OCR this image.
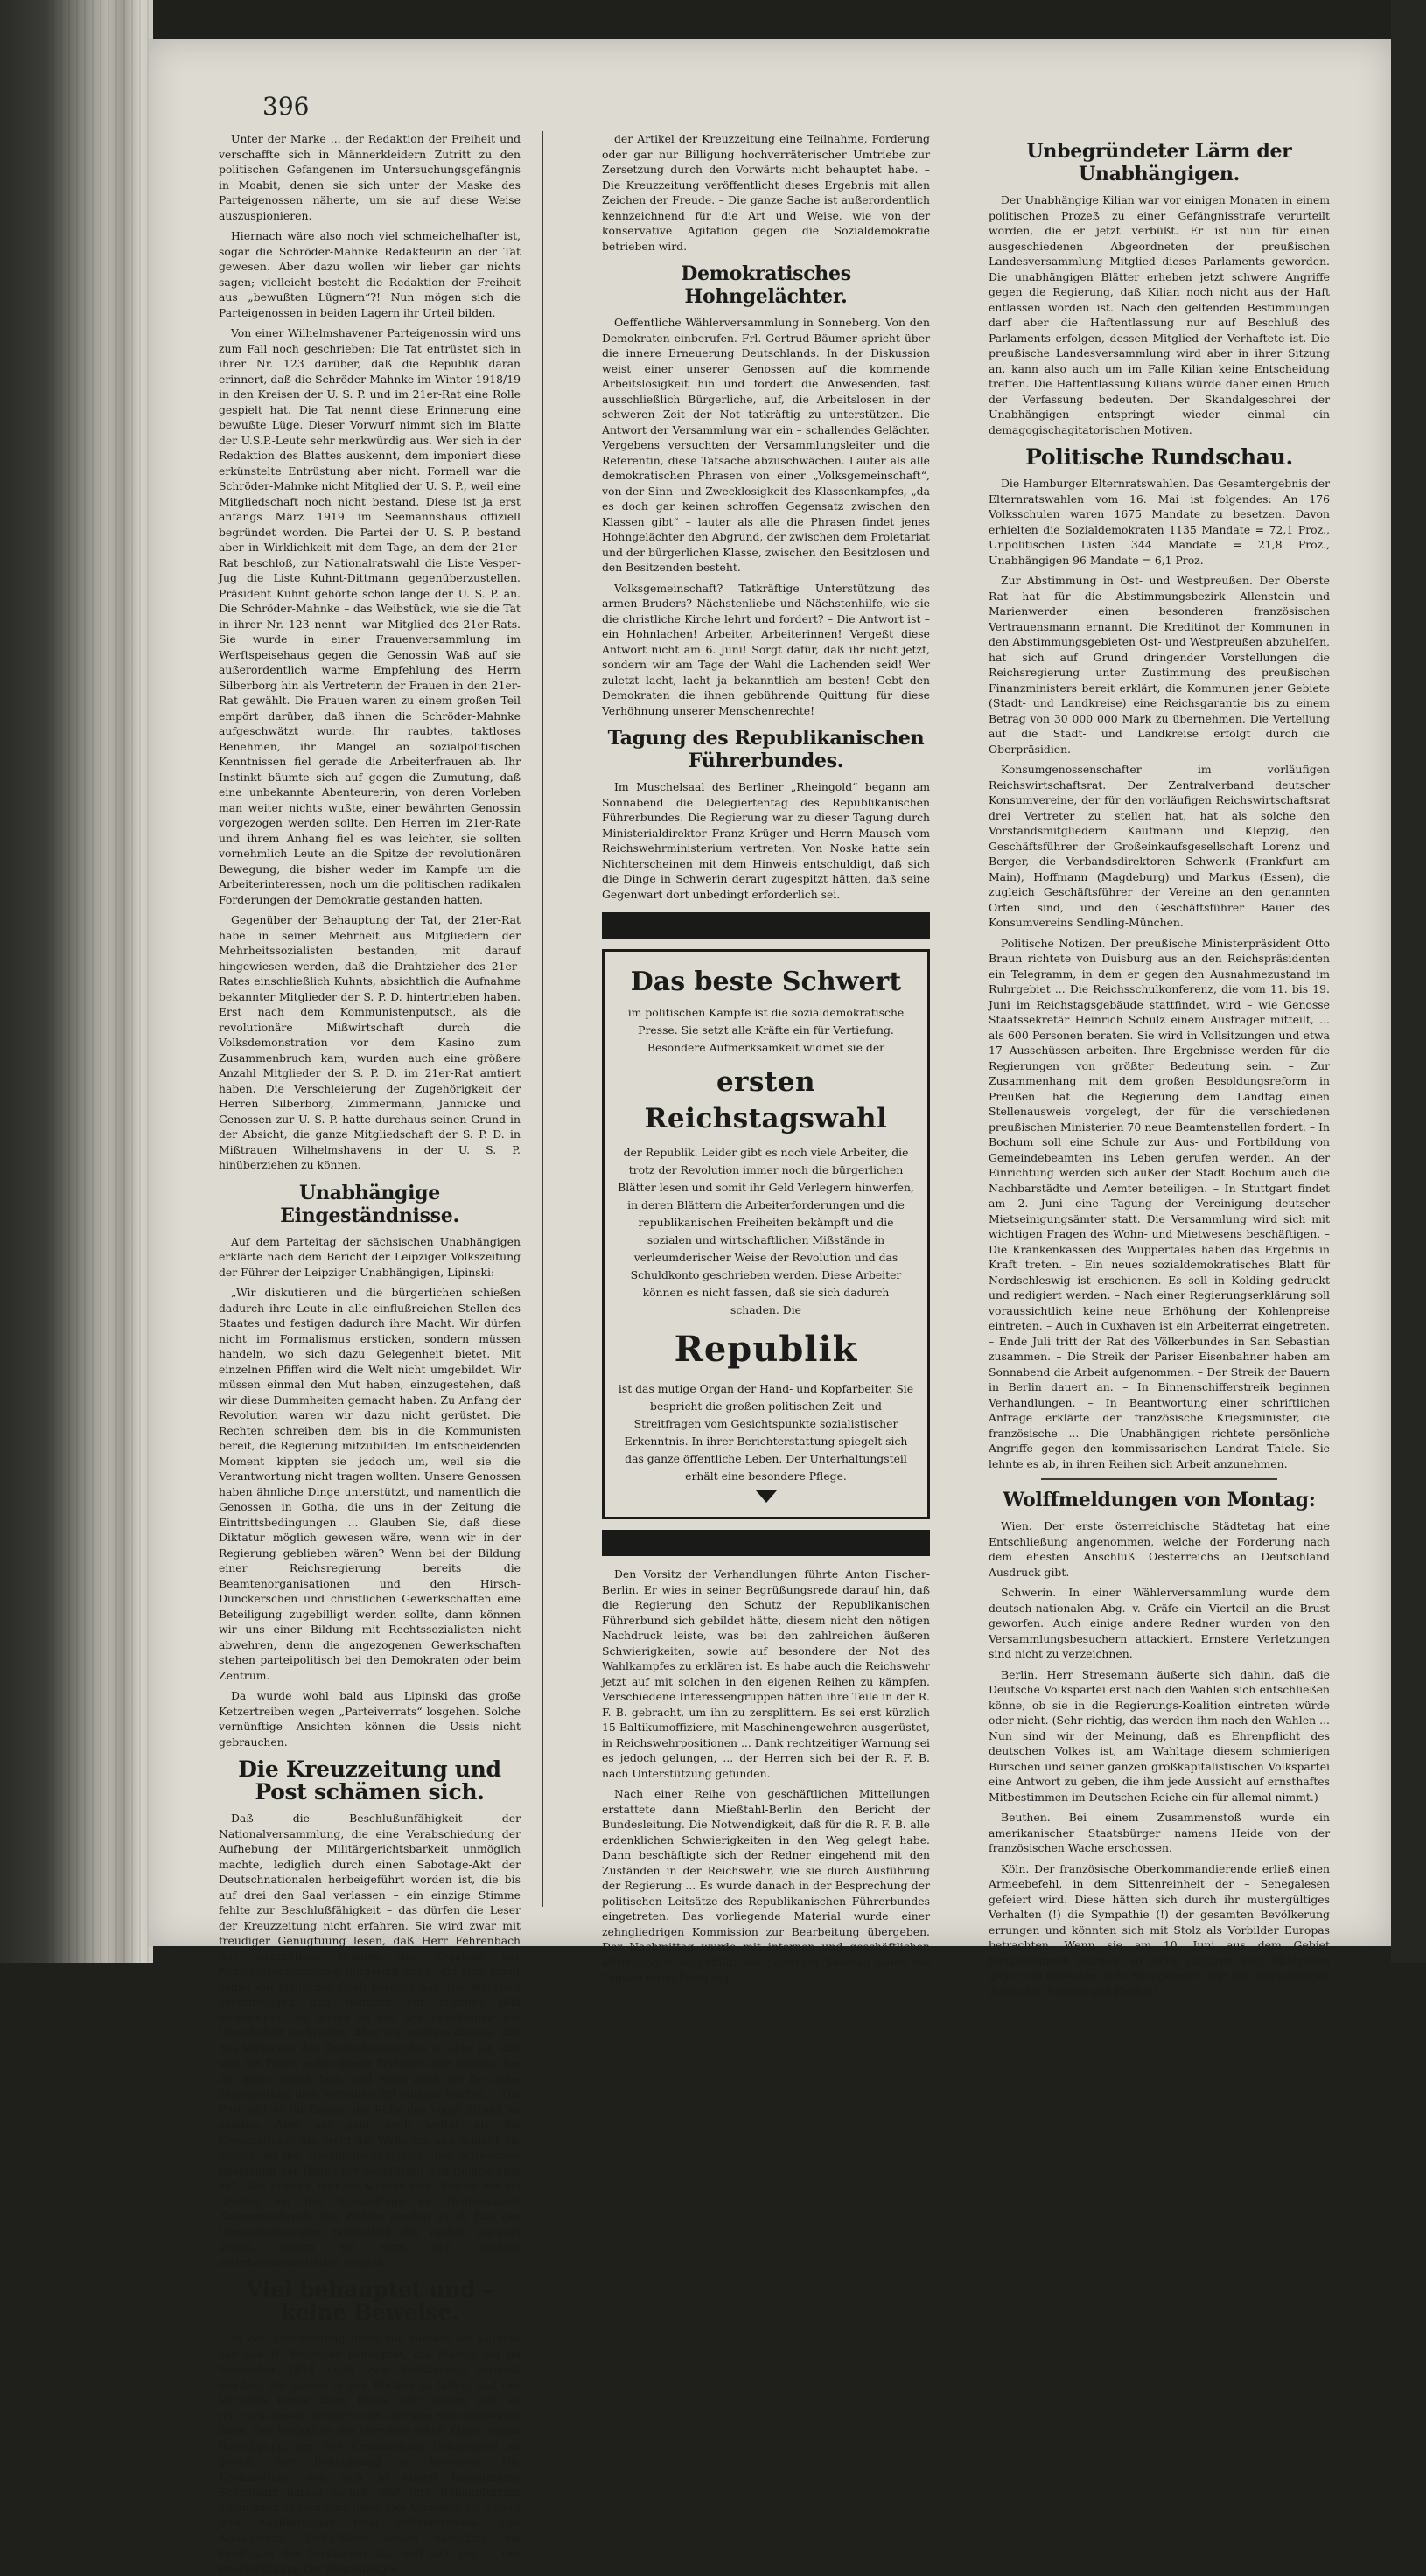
396

Unter der Marke ... der Redaktion der Freiheit und verschaffte sich in Männerkleidern Zutritt zu den politischen Gefangenen im Untersuchungsgefängnis in Moabit, denen sie sich unter der Maske des Parteigenossen näherte, um sie auf diese Weise auszuspionieren.

Hiernach wäre also noch viel schmeichelhafter ist, sogar die Schröder-Mahnke Redakteurin an der Tat gewesen. Aber dazu wollen wir lieber gar nichts sagen; vielleicht besteht die Redaktion der Freiheit aus „bewußten Lügnern“?! Nun mögen sich die Parteigenossen in beiden Lagern ihr Urteil bilden.

Von einer Wilhelmshavener Parteigenossin wird uns zum Fall noch geschrieben: Die Tat entrüstet sich in ihrer Nr. 123 darüber, daß die Republik daran erinnert, daß die Schröder-Mahnke im Winter 1918/19 in den Kreisen der U. S. P. und im 21er-Rat eine Rolle gespielt hat. Die Tat nennt diese Erinnerung eine bewußte Lüge. Dieser Vorwurf nimmt sich im Blatte der U.S.P.-Leute sehr merkwürdig aus. Wer sich in der Redaktion des Blattes auskennt, dem imponiert diese erkünstelte Entrüstung aber nicht. Formell war die Schröder-Mahnke nicht Mitglied der U. S. P., weil eine Mitgliedschaft noch nicht bestand. Diese ist ja erst anfangs März 1919 im Seemannshaus offiziell begründet worden. Die Partei der U. S. P. bestand aber in Wirklichkeit mit dem Tage, an dem der 21er-Rat beschloß, zur Nationalratswahl die Liste Vesper-Jug die Liste Kuhnt-Dittmann gegenüberzustellen. Präsident Kuhnt gehörte schon lange der U. S. P. an. Die Schröder-Mahnke – das Weibstück, wie sie die Tat in ihrer Nr. 123 nennt – war Mitglied des 21er-Rats. Sie wurde in einer Frauenversammlung im Werftspeisehaus gegen die Genossin Waß auf sie außerordentlich warme Empfehlung des Herrn Silberborg hin als Vertreterin der Frauen in den 21er-Rat gewählt. Die Frauen waren zu einem großen Teil empört darüber, daß ihnen die Schröder-Mahnke aufgeschwätzt wurde. Ihr raubtes, taktloses Benehmen, ihr Mangel an sozialpolitischen Kenntnissen fiel gerade die Arbeiterfrauen ab. Ihr Instinkt bäumte sich auf gegen die Zumutung, daß eine unbekannte Abenteurerin, von deren Vorleben man weiter nichts wußte, einer bewährten Genossin vorgezogen werden sollte. Den Herren im 21er-Rate und ihrem Anhang fiel es was leichter, sie sollten vornehmlich Leute an die Spitze der revolutionären Bewegung, die bisher weder im Kampfe um die Arbeiterinteressen, noch um die politischen radikalen Forderungen der Demokratie gestanden hatten.

Gegenüber der Behauptung der Tat, der 21er-Rat habe in seiner Mehrheit aus Mitgliedern der Mehrheitssozialisten bestanden, mit darauf hingewiesen werden, daß die Drahtzieher des 21er-Rates einschließlich Kuhnts, absichtlich die Aufnahme bekannter Mitglieder der S. P. D. hintertrieben haben. Erst nach dem Kommunistenputsch, als die revolutionäre Mißwirtschaft durch die Volksdemonstration vor dem Kasino zum Zusammenbruch kam, wurden auch eine größere Anzahl Mitglieder der S. P. D. im 21er-Rat amtiert haben. Die Verschleierung der Zugehörigkeit der Herren Silberborg, Zimmermann, Jannicke und Genossen zur U. S. P. hatte durchaus seinen Grund in der Absicht, die ganze Mitgliedschaft der S. P. D. in Mißtrauen Wilhelmshavens in der U. S. P. hinüberziehen zu können.

Unabhängige Eingeständnisse.

Auf dem Parteitag der sächsischen Unabhängigen erklärte nach dem Bericht der Leipziger Volkszeitung der Führer der Leipziger Unabhängigen, Lipinski:

„Wir diskutieren und die bürgerlichen schießen dadurch ihre Leute in alle einflußreichen Stellen des Staates und festigen dadurch ihre Macht. Wir dürfen nicht im Formalismus ersticken, sondern müssen handeln, wo sich dazu Gelegenheit bietet. Mit einzelnen Pfiffen wird die Welt nicht umgebildet. Wir müssen einmal den Mut haben, einzugestehen, daß wir diese Dummheiten gemacht haben. Zu Anfang der Revolution waren wir dazu nicht gerüstet. Die Rechten schreiben dem bis in die Kommunisten bereit, die Regierung mitzubilden. Im entscheidenden Moment kippten sie jedoch um, weil sie die Verantwortung nicht tragen wollten. Unsere Genossen haben ähnliche Dinge unterstützt, und namentlich die Genossen in Gotha, die uns in der Zeitung die Eintrittsbedingungen ... Glauben Sie, daß diese Diktatur möglich gewesen wäre, wenn wir in der Regierung geblieben wären? Wenn bei der Bildung einer Reichsregierung bereits die Beamtenorganisationen und den Hirsch-Dunckerschen und christlichen Gewerkschaften eine Beteiligung zugebilligt werden sollte, dann können wir uns einer Bildung mit Rechtssozialisten nicht abwehren, denn die angezogenen Gewerkschaften stehen parteipolitisch bei den Demokraten oder beim Zentrum.

Da wurde wohl bald aus Lipinski das große Ketzertreiben wegen „Parteiverrats“ losgehen. Solche vernünftige Ansichten können die Ussis nicht gebrauchen.

Die Kreuzzeitung und Post schämen sich.

Daß die Beschlußunfähigkeit der Nationalversammlung, die eine Verabschiedung der Aufhebung der Militärgerichtsbarkeit unmöglich machte, lediglich durch einen Sabotage-Akt der Deutschnationalen herbeigeführt worden ist, die bis auf drei den Saal verlassen – ein einzige Stimme fehlte zur Beschlußfähigkeit – das dürfen die Leser der Kreuzzeitung nicht erfahren. Sie wird zwar mit freudiger Genugtuung lesen, daß Herr Fehrenbach mit wehmütiger Stimme das Ergebnis der Nationalversammlung mitgeteilt habe, die sich damit selbst ein klägliches Grab bereitet hat. Die Wahrheit verschwiegen und dadurch ein falsches Bild hervorrufen, ist genau so viel wie unmittelbar die Unwahrheit verbreiten. Aber wir ersehen daraus, daß das Verhalten der Deutschnationalen so sehr ist, daß sich die Partei selbst dieser Parteifreunde schämt. Sie hat allen Grund dazu, und wenn auch die Deutsche Tageszeitung dem Verhalten mit einigen Worten ... Die Post hält es für fassen, die Rolle des Vogel Strauß zu spielen. Aber sie geht noch weiter als die Kreuzzeitung. Sie dreht die Waffe um und schiebt die Schuld an der Beschlußunfähigkeit „der schwachen Besetzung der Bänke der Sozialisten und Demokraten zu“. Wir erleben hier im Kleinen das Gleiche wie im Großen bei der Schuldfrage an Deutschlands Zusammenbruch. Die Wähler werden am 6. Juni der Deutschnationalen hoffentlich die rechte Antwort geben, indem sie samt und sonders mehrheitssozialistisch wählen.

Viel behauptet und – keine Beweise.

In der Kreuzzeitung hatte vor kurzem ein Kapitän zur See B. Waldeyer behauptet, die Marine sei im November 1918 nicht vom Sozialismus zersetzt worden, der Armee in den Rücken zu fallen, und der Vorwärts kenne diese Dinge sehr genau, weil er politisch diesem lichtscheuen Getriebe nahegestanden habe. Der Redaktion des Vorwärts erhob Klage wegen Beleidigung, um der Kreuzzeitung Gelegenheit zu geben, ihre Behauptung zu beweisen. Die Kreuzzeitung zog sich in einem langatmigen Schriftsatz darauf zurück, daß ihre Behauptungen einen ganz andern Sinn habe. Der Vorwärts hat darauf ihre Ausführungen total mißverstanden. Das Amtsgericht Berlin-Mitte lehnte daraufhin die Eröffnung des Verfahrens ab, weil sich die ... der Beschuldigung der Beschuldigte ...

der Artikel der Kreuzzeitung eine Teilnahme, Forderung oder gar nur Billigung hochverräterischer Umtriebe zur Zersetzung durch den Vorwärts nicht behauptet habe. – Die Kreuzzeitung veröffentlicht dieses Ergebnis mit allen Zeichen der Freude. – Die ganze Sache ist außerordentlich kennzeichnend für die Art und Weise, wie von der konservative Agitation gegen die Sozialdemokratie betrieben wird.

Demokratisches Hohngelächter.

Oeffentliche Wählerversammlung in Sonneberg. Von den Demokraten einberufen. Frl. Gertrud Bäumer spricht über die innere Erneuerung Deutschlands. In der Diskussion weist einer unserer Genossen auf die kommende Arbeitslosigkeit hin und fordert die Anwesenden, fast ausschließlich Bürgerliche, auf, die Arbeitslosen in der schweren Zeit der Not tatkräftig zu unterstützen. Die Antwort der Versammlung war ein – schallendes Gelächter. Vergebens versuchten der Versammlungsleiter und die Referentin, diese Tatsache abzuschwächen. Lauter als alle demokratischen Phrasen von einer „Volksgemeinschaft“, von der Sinn- und Zwecklosigkeit des Klassenkampfes, „da es doch gar keinen schroffen Gegensatz zwischen den Klassen gibt“ – lauter als alle die Phrasen findet jenes Hohngelächter den Abgrund, der zwischen dem Proletariat und der bürgerlichen Klasse, zwischen den Besitzlosen und den Besitzenden besteht.

Volksgemeinschaft? Tatkräftige Unterstützung des armen Bruders? Nächstenliebe und Nächstenhilfe, wie sie die christliche Kirche lehrt und fordert? – Die Antwort ist – ein Hohnlachen! Arbeiter, Arbeiterinnen! Vergeßt diese Antwort nicht am 6. Juni! Sorgt dafür, daß ihr nicht jetzt, sondern wir am Tage der Wahl die Lachenden seid! Wer zuletzt lacht, lacht ja bekanntlich am besten! Gebt den Demokraten die ihnen gebührende Quittung für diese Verhöhnung unserer Menschenrechte!

Tagung des Republikanischen Führerbundes.

Im Muschelsaal des Berliner „Rheingold“ begann am Sonnabend die Delegiertentag des Republikanischen Führerbundes. Die Regierung war zu dieser Tagung durch Ministerialdirektor Franz Krüger und Herrn Mausch vom Reichswehrministerium vertreten. Von Noske hatte sein Nichterscheinen mit dem Hinweis entschuldigt, daß sich die Dinge in Schwerin derart zugespitzt hätten, daß seine Gegenwart dort unbedingt erforderlich sei.

Das beste Schwert
im politischen Kampfe ist die sozialdemokratische Presse. Sie setzt alle Kräfte ein für Vertiefung. Besondere Aufmerksamkeit widmet sie der
ersten Reichstagswahl
der Republik. Leider gibt es noch viele Arbeiter, die trotz der Revolution immer noch die bürgerlichen Blätter lesen und somit ihr Geld Verlegern hinwerfen, in deren Blättern die Arbeiterforderungen und die republikanischen Freiheiten bekämpft und die sozialen und wirtschaftlichen Mißstände in verleumderischer Weise der Revolution und das Schuldkonto geschrieben werden. Diese Arbeiter können es nicht fassen, daß sie sich dadurch schaden. Die
Republik
ist das mutige Organ der Hand- und Kopfarbeiter. Sie bespricht die großen politischen Zeit- und Streitfragen vom Gesichtspunkte sozialistischer Erkenntnis. In ihrer Berichterstattung spiegelt sich das ganze öffentliche Leben. Der Unterhaltungsteil erhält eine besondere Pflege.

Den Vorsitz der Verhandlungen führte Anton Fischer-Berlin. Er wies in seiner Begrüßungsrede darauf hin, daß die Regierung den Schutz der Republikanischen Führerbund sich gebildet hätte, diesem nicht den nötigen Nachdruck leiste, was bei den zahlreichen äußeren Schwierigkeiten, sowie auf besondere der Not des Wahlkampfes zu erklären ist. Es habe auch die Reichswehr jetzt auf mit solchen in den eigenen Reihen zu kämpfen. Verschiedene Interessengruppen hätten ihre Teile in der R. F. B. gebracht, um ihn zu zersplittern. Es sei erst kürzlich 15 Baltikumoffiziere, mit Maschinengewehren ausgerüstet, in Reichswehrpositionen ... Dank rechtzeitiger Warnung sei es jedoch gelungen, ... der Herren sich bei der R. F. B. nach Unterstützung gefunden.

Nach einer Reihe von geschäftlichen Mitteilungen erstattete dann Mießtahl-Berlin den Bericht der Bundesleitung. Die Notwendigkeit, daß für die R. F. B. alle erdenklichen Schwierigkeiten in den Weg gelegt habe. Dann beschäftigte sich der Redner eingehend mit den Zuständen in der Reichswehr, wie sie durch Ausführung der Regierung ... Es wurde danach in der Besprechung der politischen Leitsätze des Republikanischen Führerbundes eingetreten. Das vorliegende Material wurde einer zehngliedrigen Kommission zur Bearbeitung übergeben. Der Nachmittag wurde mit internen und geschäftlichen Mitteilungen ausgefüllt. Am gestrigen Sonntag nahm die Tagung ihren Fortgang.

Unbegründeter Lärm der Unabhängigen.

Der Unabhängige Kilian war vor einigen Monaten in einem politischen Prozeß zu einer Gefängnisstrafe verurteilt worden, die er jetzt verbüßt. Er ist nun für einen ausgeschiedenen Abgeordneten der preußischen Landesversammlung Mitglied dieses Parlaments geworden. Die unabhängigen Blätter erheben jetzt schwere Angriffe gegen die Regierung, daß Kilian noch nicht aus der Haft entlassen worden ist. Nach den geltenden Bestimmungen darf aber die Haftentlassung nur auf Beschluß des Parlaments erfolgen, dessen Mitglied der Verhaftete ist. Die preußische Landesversammlung wird aber in ihrer Sitzung an, kann also auch um im Falle Kilian keine Entscheidung treffen. Die Haftentlassung Kilians würde daher einen Bruch der Verfassung bedeuten. Der Skandalgeschrei der Unabhängigen entspringt wieder einmal ein demagogischagitatorischen Motiven.

Politische Rundschau.

Die Hamburger Elternratswahlen. Das Gesamtergebnis der Elternratswahlen vom 16. Mai ist folgendes: An 176 Volksschulen waren 1675 Mandate zu besetzen. Davon erhielten die Sozialdemokraten 1135 Mandate = 72,1 Proz., Unpolitischen Listen 344 Mandate = 21,8 Proz., Unabhängigen 96 Mandate = 6,1 Proz.

Zur Abstimmung in Ost- und Westpreußen. Der Oberste Rat hat für die Abstimmungsbezirk Allenstein und Marienwerder einen besonderen französischen Vertrauensmann ernannt. Die Kreditinot der Kommunen in den Abstimmungsgebieten Ost- und Westpreußen abzuhelfen, hat sich auf Grund dringender Vorstellungen die Reichsregierung unter Zustimmung des preußischen Finanzministers bereit erklärt, die Kommunen jener Gebiete (Stadt- und Landkreise) eine Reichsgarantie bis zu einem Betrag von 30 000 000 Mark zu übernehmen. Die Verteilung auf die Stadt- und Landkreise erfolgt durch die Oberpräsidien.

Konsumgenossenschafter im vorläufigen Reichswirtschaftsrat. Der Zentralverband deutscher Konsumvereine, der für den vorläufigen Reichswirtschaftsrat drei Vertreter zu stellen hat, hat als solche den Vorstandsmitgliedern Kaufmann und Klepzig, den Geschäftsführer der Großeinkaufsgesellschaft Lorenz und Berger, die Verbandsdirektoren Schwenk (Frankfurt am Main), Hoffmann (Magdeburg) und Markus (Essen), die zugleich Geschäftsführer der Vereine an den genannten Orten sind, und den Geschäftsführer Bauer des Konsumvereins Sendling-München.

Politische Notizen. Der preußische Ministerpräsident Otto Braun richtete von Duisburg aus an den Reichspräsidenten ein Telegramm, in dem er gegen den Ausnahmezustand im Ruhrgebiet ... Die Reichsschulkonferenz, die vom 11. bis 19. Juni im Reichstagsgebäude stattfindet, wird – wie Genosse Staatssekretär Heinrich Schulz einem Ausfrager mitteilt, ... als 600 Personen beraten. Sie wird in Vollsitzungen und etwa 17 Ausschüssen arbeiten. Ihre Ergebnisse werden für die Regierungen von größter Bedeutung sein. – Zur Zusammenhang mit dem großen Besoldungsreform in Preußen hat die Regierung dem Landtag einen Stellenausweis vorgelegt, der für die verschiedenen preußischen Ministerien 70 neue Beamtenstellen fordert. – In Bochum soll eine Schule zur Aus- und Fortbildung von Gemeindebeamten ins Leben gerufen werden. An der Einrichtung werden sich außer der Stadt Bochum auch die Nachbarstädte und Aemter beteiligen. – In Stuttgart findet am 2. Juni eine Tagung der Vereinigung deutscher Mietseinigungsämter statt. Die Versammlung wird sich mit wichtigen Fragen des Wohn- und Mietwesens beschäftigen. – Die Krankenkassen des Wuppertales haben das Ergebnis in Kraft treten. – Ein neues sozialdemokratisches Blatt für Nordschleswig ist erschienen. Es soll in Kolding gedruckt und redigiert werden. – Nach einer Regierungserklärung soll voraussichtlich keine neue Erhöhung der Kohlenpreise eintreten. – Auch in Cuxhaven ist ein Arbeiterrat eingetreten. – Ende Juli tritt der Rat des Völkerbundes in San Sebastian zusammen. – Die Streik der Pariser Eisenbahner haben am Sonnabend die Arbeit aufgenommen. – Der Streik der Bauern in Berlin dauert an. – In Binnenschifferstreik beginnen Verhandlungen. – In Beantwortung einer schriftlichen Anfrage erklärte der französische Kriegsminister, die französische ... Die Unabhängigen richtete persönliche Angriffe gegen den kommissarischen Landrat Thiele. Sie lehnte es ab, in ihren Reihen sich Arbeit anzunehmen.

Wolffmeldungen von Montag:

Wien. Der erste österreichische Städtetag hat eine Entschließung angenommen, welche der Forderung nach dem ehesten Anschluß Oesterreichs an Deutschland Ausdruck gibt.

Schwerin. In einer Wählerversammlung wurde dem deutsch-nationalen Abg. v. Gräfe ein Vierteil an die Brust geworfen. Auch einige andere Redner wurden von den Versammlungsbesuchern attackiert. Ernstere Verletzungen sind nicht zu verzeichnen.

Berlin. Herr Stresemann äußerte sich dahin, daß die Deutsche Volkspartei erst nach den Wahlen sich entschließen könne, ob sie in die Regierungs-Koalition eintreten würde oder nicht. (Sehr richtig, das werden ihm nach den Wahlen ... Nun sind wir der Meinung, daß es Ehrenpflicht des deutschen Volkes ist, am Wahltage diesem schmierigen Burschen und seiner ganzen großkapitalistischen Volkspartei eine Antwort zu geben, die ihm jede Aussicht auf ernsthaftes Mitbestimmen im Deutschen Reiche ein für allemal nimmt.)

Beuthen. Bei einem Zusammenstoß wurde ein amerikanischer Staatsbürger namens Heide von der französischen Wache erschossen.

Köln. Der französische Oberkommandierende erließ einen Armeebefehl, in dem Sittenreinheit der – Senegalesen gefeiert wird. Diese hätten sich durch ihr mustergültiges Verhalten (!) die Sympathie (!) der gesamten Bevölkerung errungen und könnten sich mit Stolz als Vorbilder Europas betrachten. Wenn sie am 10. Juni aus dem Gebiet fortgenommen würden, so sollte dadurch kein Mißtrauen gegen sie bedeuten. (Die Senegalesen sind die Vergewaltiger deutscher Frauen und Kinder.)
